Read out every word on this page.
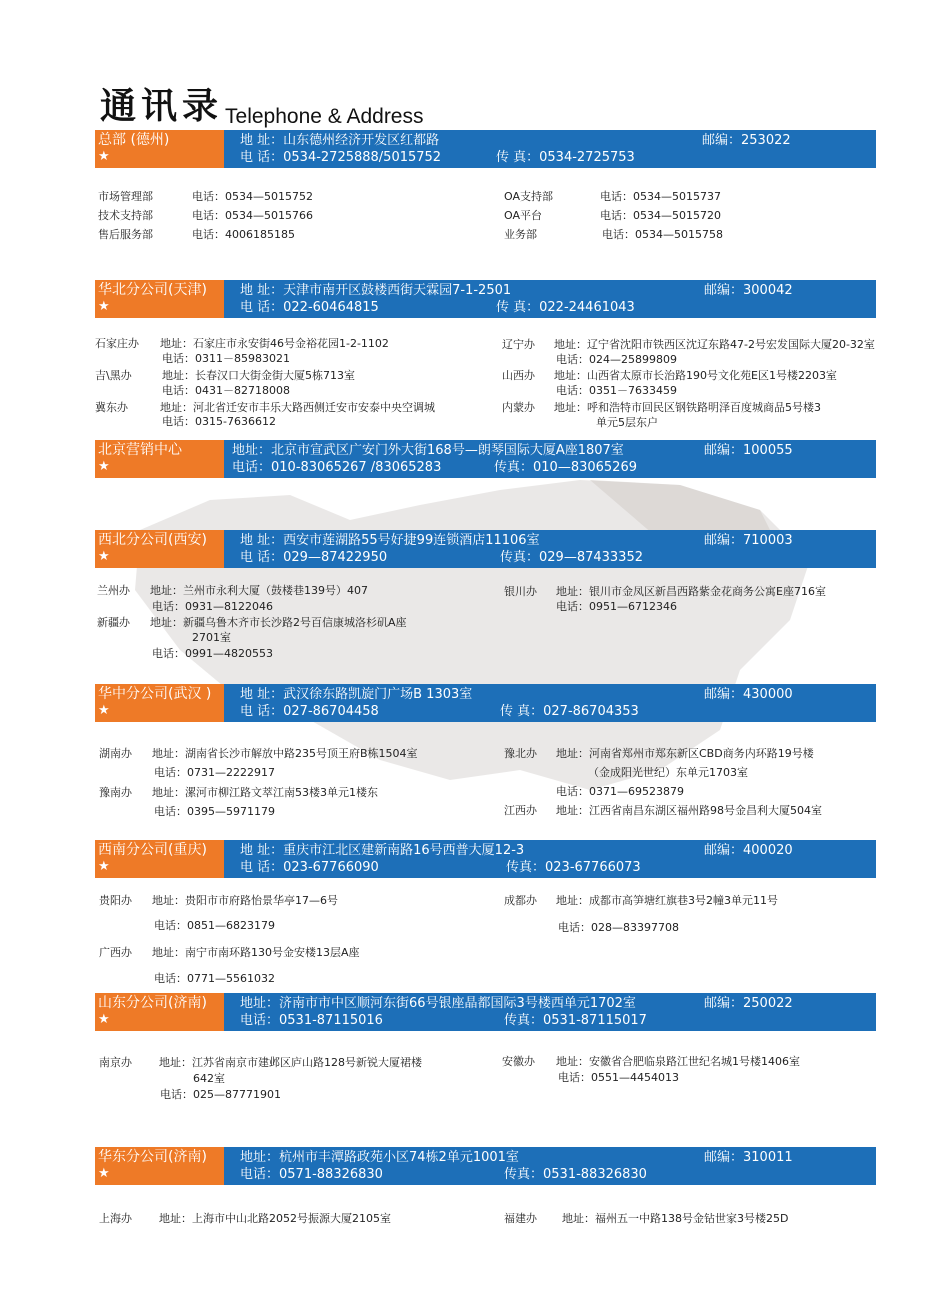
通讯录Telephone & Address
总部 (德州)
★
地 址：山东德州经济开发区红都路
电 话：0534-2725888/5015752	传 真：0534-2725753
邮编：253022
市场管理部	电话：0534—5015752
技术支持部	电话：0534—5015766
售后服务部	电话：4006185185
OA支持部	电话：0534—5015737
OA平台	电话：0534—5015720
业务部	电话：0534—5015758
华北分公司(天津)
★
地 址：天津市南开区鼓楼西街天霖园7-1-2501
电 话：022-60464815	传 真：022-24461043
邮编：300042
石家庄办 地址：石家庄市永安街46号金裕花园1-2-1102
电话：0311－85983021
吉\黑办	地址：长春汉口大街金街大厦5栋713室
电话：0431－82718008
冀东办	地址：河北省迁安市丰乐大路西侧迁安市安泰中央空调城
电话：0315-7636612
辽宁办 地址：辽宁省沈阳市铁西区沈辽东路47-2号宏发国际大厦20-32室
电话：024—25899809
山西办 地址：山西省太原市长治路190号文化苑E区1号楼2203室
电话：0351－7633459
内蒙办 地址：呼和浩特市回民区钢铁路明泽百度城商品5号楼3
单元5层东户
北京营销中心
★
地址：北京市宣武区广安门外大街168号—朗琴国际大厦A座1807室
电话：010-83065267 /83065283	传真：010—83065269
邮编：100055
西北分公司(西安)
★
地 址：西安市莲湖路55号好捷99连锁酒店11106室
电 话：029—87422950	传真：029—87433352
邮编：710003
兰州办 地址：兰州市永利大厦（鼓楼巷139号）407
电话：0931—8122046
新疆办 地址：新疆乌鲁木齐市长沙路2号百信康城洛杉矶A座
2701室
电话：0991—4820553
银川办 地址：银川市金凤区新昌西路紫金花商务公寓E座716室
电话：0951—6712346
华中分公司(武汉 )
★
地 址：武汉徐东路凯旋门广场B 1303室
电 话：027-86704458	传 真：027-86704353
邮编：430000
湖南办 地址：湖南省长沙市解放中路235号顶王府B栋1504室
电话：0731—2222917
豫南办 地址：漯河市柳江路文萃江南53楼3单元1楼东
电话：0395—5971179
豫北办 地址：河南省郑州市郑东新区CBD商务内环路19号楼
（金成阳光世纪）东单元1703室
电话：0371—69523879
江西办 地址：江西省南昌东湖区福州路98号金昌利大厦504室
西南分公司(重庆)
★
地 址：重庆市江北区建新南路16号西普大厦12-3
电 话：023-67766090	传真：023-67766073
邮编：400020
贵阳办 地址：贵阳市市府路怡景华亭17—6号
电话：0851—6823179
广西办 地址：南宁市南环路130号金安楼13层A座
电话：0771—5561032
成都办 地址：成都市高笋塘红旗巷3号2幢3单元11号
电话：028—83397708
山东分公司(济南)
★
地址：济南市市中区顺河东街66号银座晶都国际3号楼西单元1702室
电话：0531-87115016	传真：0531-87115017
邮编：250022
南京办 地址：江苏省南京市建邺区庐山路128号新锐大厦裙楼
642室
电话：025—87771901
安徽办 地址：安徽省合肥临泉路江世纪名城1号楼1406室
电话：0551—4454013
华东分公司(济南)
★
地址：杭州市丰潭路政苑小区74栋2单元1001室
电话：0571-88326830	传真：0531-88326830
邮编：310011
上海办 地址：上海市中山北路2052号振源大厦2105室	福建办 地址：福州五一中路138号金钻世家3号楼25D
